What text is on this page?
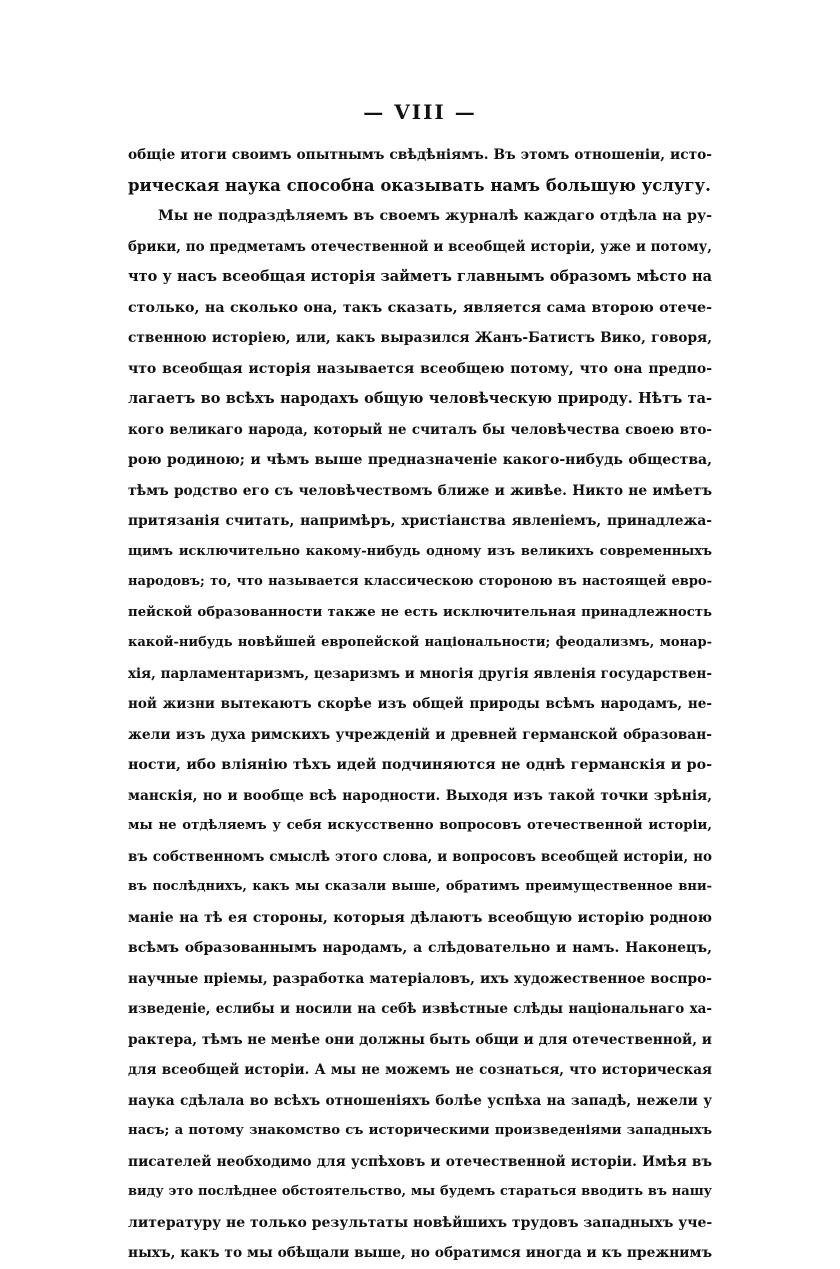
— VIII —
общіе итоги своимъ опытнымъ свѣдѣніямъ. Въ этомъ отношеніи, исто-
рическая наука способна оказывать намъ большую услугу.
Мы не подраздѣляемъ въ своемъ журналѣ каждаго отдѣла на ру-
брики, по предметамъ отечественной и всеобщей исторіи, уже и потому,
что у насъ всеобщая исторія займетъ главнымъ образомъ мѣсто на
столько, на сколько она, такъ сказать, является сама второю отече-
ственною исторіею, или, какъ выразился Жанъ-Батистъ Вико, говоря,
что всеобщая исторія называется всеобщею потому, что она предпо-
лагаетъ во всѣхъ народахъ общую человѣческую природу. Нѣтъ та-
кого великаго народа, который не считалъ бы человѣчества своею вто-
рою родиною; и чѣмъ выше предназначеніе какого-нибудь общества,
тѣмъ родство его съ человѣчествомъ ближе и живѣе. Никто не имѣетъ
притязанія считать, напримѣръ, христіанства явленіемъ, принадлежа-
щимъ исключительно какому-нибудь одному изъ великихъ современныхъ
народовъ; то, что называется классическою стороною въ настоящей евро-
пейской образованности также не есть исключительная принадлежность
какой-нибудь новѣйшей европейской національности; феодализмъ, монар-
хія, парламентаризмъ, цезаризмъ и многія другія явленія государствен-
ной жизни вытекаютъ скорѣе изъ общей природы всѣмъ народамъ, не-
жели изъ духа римскихъ учрежденій и древней германской образован-
ности, ибо вліянію тѣхъ идей подчиняются не однѣ германскія и ро-
манскія, но и вообще всѣ народности. Выходя изъ такой точки зрѣнія,
мы не отдѣляемъ у себя искусственно вопросовъ отечественной исторіи,
въ собственномъ смыслѣ этого слова, и вопросовъ всеобщей исторіи, но
въ послѣднихъ, какъ мы сказали выше, обратимъ преимущественное вни-
маніе на тѣ ея стороны, которыя дѣлаютъ всеобщую исторію родною
всѣмъ образованнымъ народамъ, а слѣдовательно и намъ. Наконецъ,
научные пріемы, разработка матеріаловъ, ихъ художественное воспро-
изведеніе, еслибы и носили на себѣ извѣстные слѣды національнаго ха-
рактера, тѣмъ не менѣе они должны быть общи и для отечественной, и
для всеобщей исторіи. А мы не можемъ не сознаться, что историческая
наука сдѣлала во всѣхъ отношеніяхъ болѣе успѣха на западѣ, нежели у
насъ; а потому знакомство съ историческими произведеніями западныхъ
писателей необходимо для успѣховъ и отечественной исторіи. Имѣя въ
виду это послѣднее обстоятельство, мы будемъ стараться вводить въ нашу
литературу не только результаты новѣйшихъ трудовъ западныхъ уче-
ныхъ, какъ то мы обѣщали выше, но обратимся иногда и къ прежнимъ
